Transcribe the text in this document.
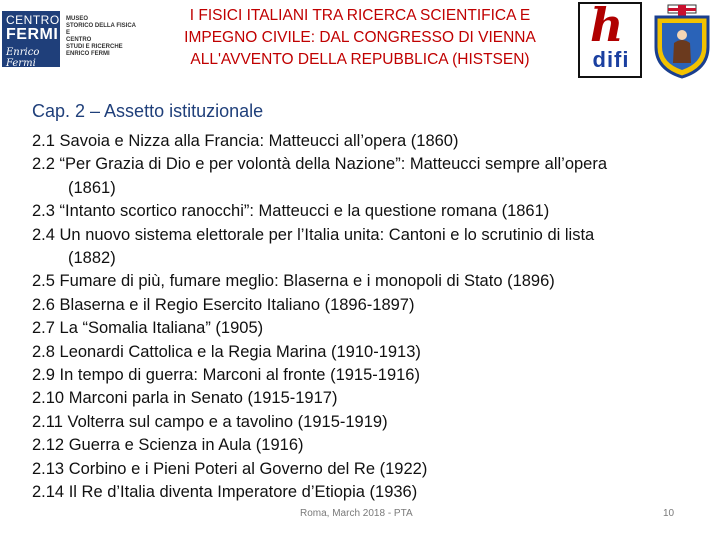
CENTRO
FERMI
Enrico Fermi
MUSEO
STORICO DELLA FISICA
E
CENTRO
STUDI E RICERCHE
ENRICO FERMI
I FISICI ITALIANI TRA RICERCA SCIENTIFICA E
IMPEGNO CIVILE: DAL CONGRESSO DI VIENNA
ALL'AVVENTO DELLA REPUBBLICA (HISTSEN)
h
difi
Cap. 2 – Assetto istituzionale
2.1 Savoia e Nizza alla Francia: Matteucci all’opera (1860)
2.2 “Per Grazia di Dio e per volontà della Nazione”: Matteucci sempre all’opera
(1861)
2.3 “Intanto scortico ranocchi”: Matteucci e la questione romana (1861)
2.4 Un nuovo sistema elettorale per l’Italia unita: Cantoni e lo scrutinio di lista
(1882)
2.5 Fumare di più, fumare meglio: Blaserna e i monopoli di Stato (1896)
2.6 Blaserna e il Regio Esercito Italiano (1896-1897)
2.7 La “Somalia Italiana” (1905)
2.8 Leonardi Cattolica e la Regia Marina (1910-1913)
2.9 In tempo di guerra: Marconi al fronte (1915-1916)
2.10 Marconi parla in Senato (1915-1917)
2.11 Volterra sul campo e a tavolino (1915-1919)
2.12 Guerra e Scienza in Aula (1916)
2.13 Corbino e i Pieni Poteri al Governo del Re (1922)
2.14 Il Re d’Italia diventa Imperatore d’Etiopia (1936)
Roma, March 2018 - PTA	10
